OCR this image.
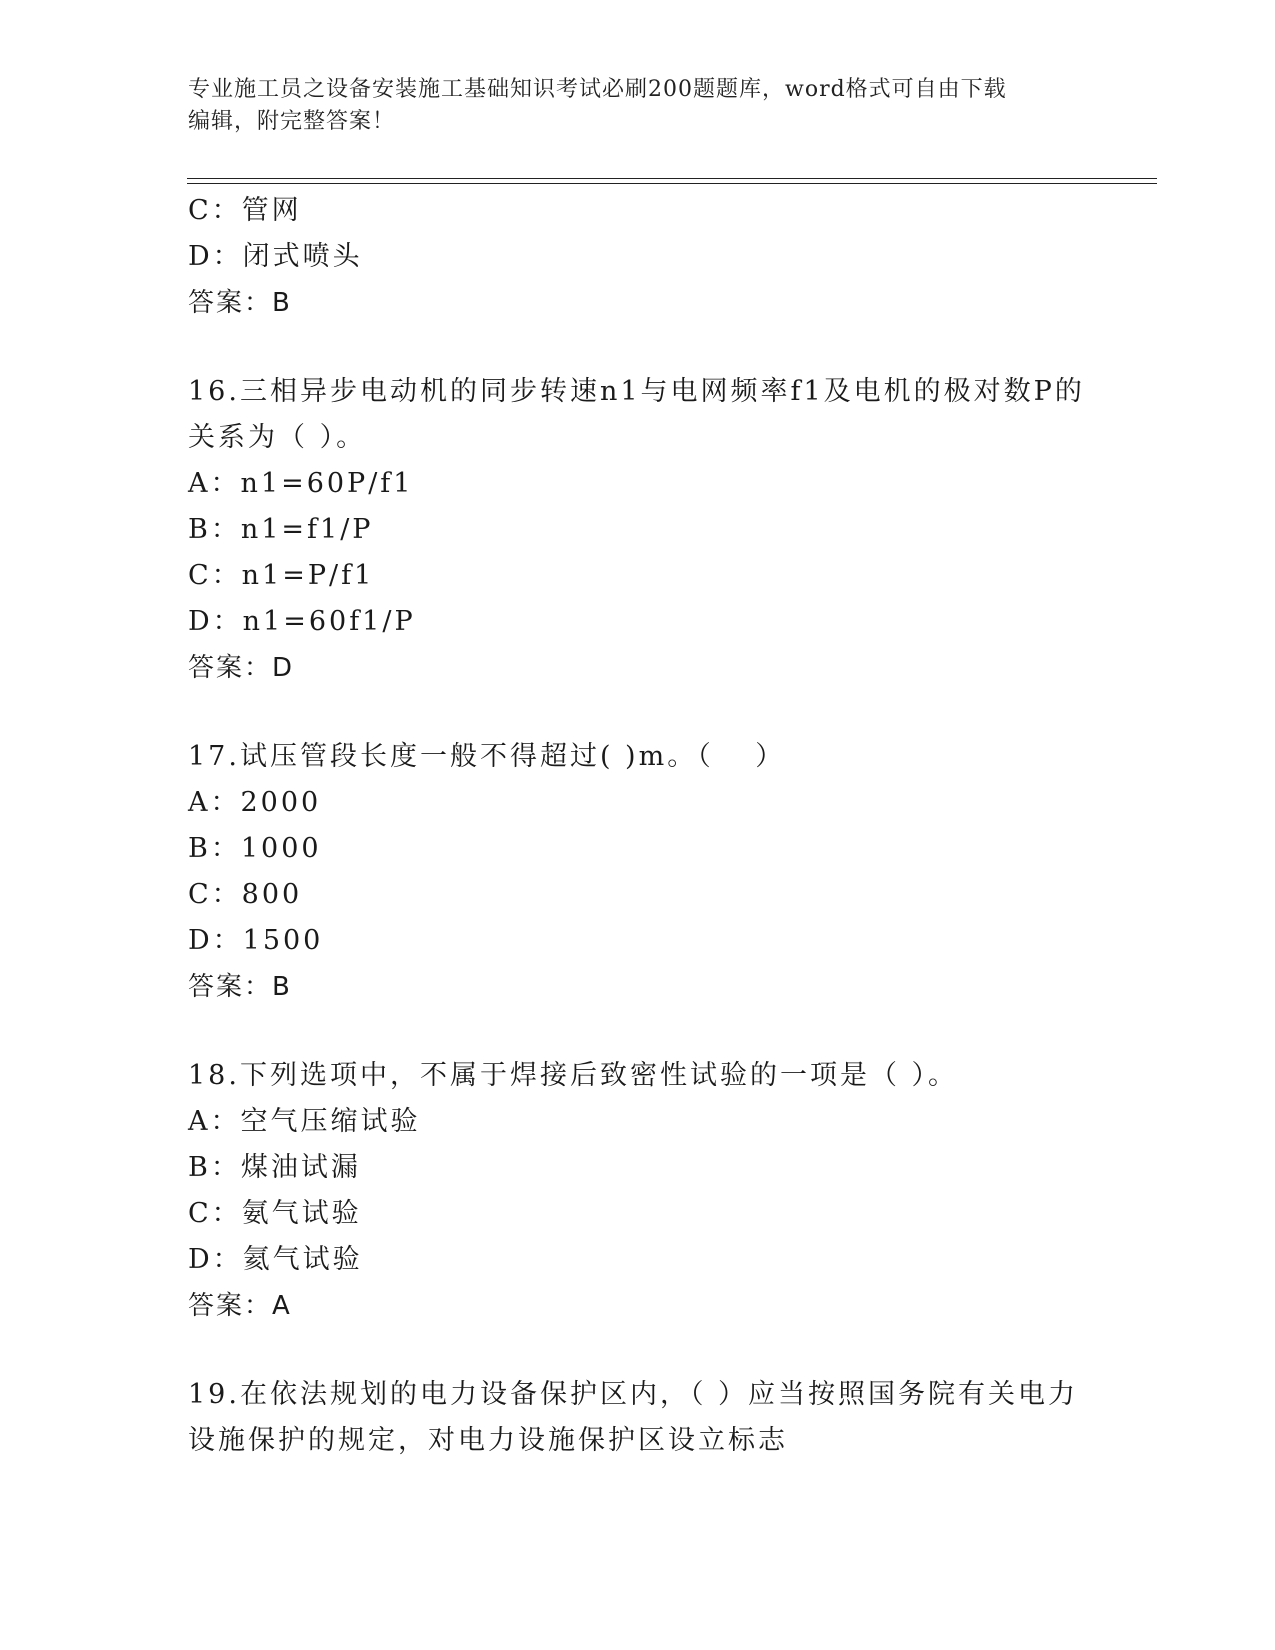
专业施工员之设备安装施工基础知识考试必刷200题题库，word格式可自由下载
编辑，附完整答案！
C：管网
D：闭式喷头
答案：B
16.三相异步电动机的同步转速n1与电网频率f1及电机的极对数P的
关系为（ ）。
A：n1=60P/f1
B：n1=f1/P
C：n1=P/f1
D：n1=60f1/P
答案：D
17.试压管段长度一般不得超过( )m。（　 ）
A：2000
B：1000
C：800
D：1500
答案：B
18.下列选项中，不属于焊接后致密性试验的一项是（ ）。
A：空气压缩试验
B：煤油试漏
C：氨气试验
D：氦气试验
答案：A
19.在依法规划的电力设备保护区内，（ ）应当按照国务院有关电力
设施保护的规定，对电力设施保护区设立标志
